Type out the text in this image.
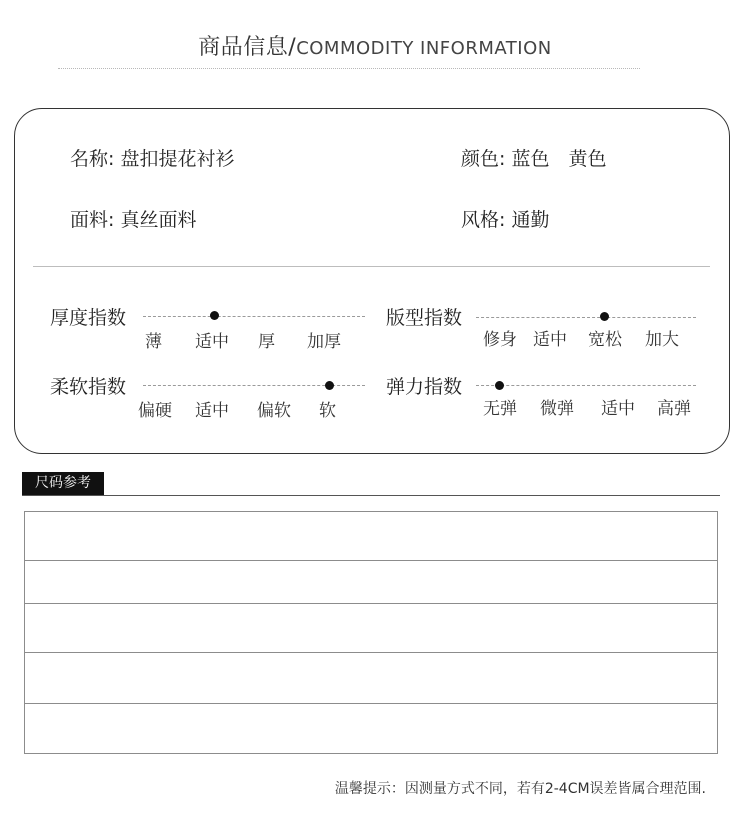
商品信息/COMMODITY INFORMATION
名称: 盘扣提花衬衫	颜色: 蓝色　黄色
面料: 真丝面料	风格: 通勤
厚度指数
薄 适中 厚 加厚
版型指数
修身 适中 宽松 加大
柔软指数
偏硬 适中 偏软 软
弹力指数
无弹 微弹 适中 高弹
尺码参考
温馨提示：因测量方式不同，若有2-4CM误差皆属合理范围.
